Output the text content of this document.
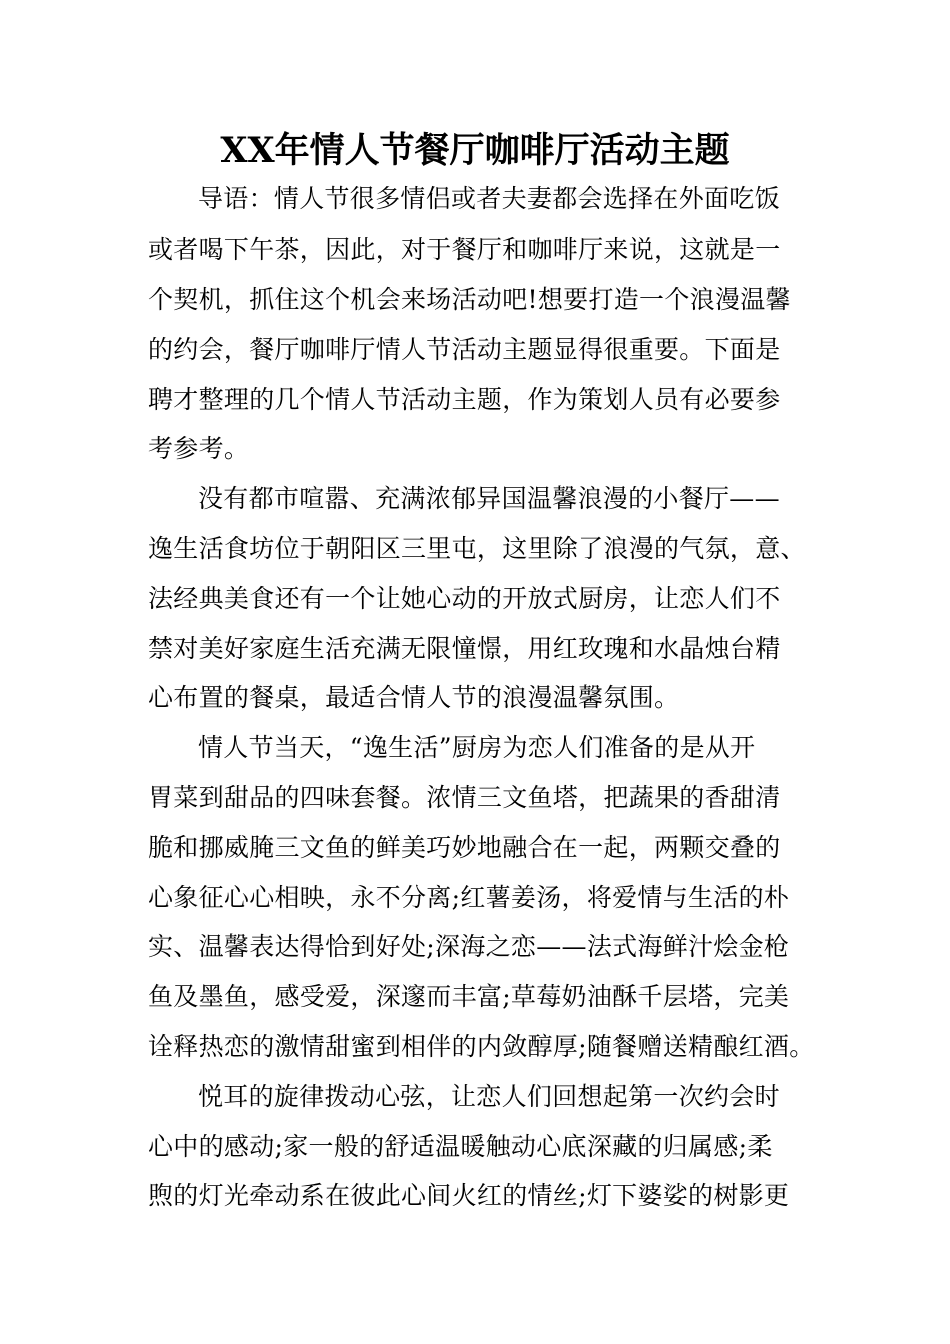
XX年情人节餐厅咖啡厅活动主题

导语：情人节很多情侣或者夫妻都会选择在外面吃饭

或者喝下午茶，因此，对于餐厅和咖啡厅来说，这就是一

个契机，抓住这个机会来场活动吧!想要打造一个浪漫温馨

的约会，餐厅咖啡厅情人节活动主题显得很重要。下面是

聘才整理的几个情人节活动主题，作为策划人员有必要参

考参考。

没有都市喧嚣、充满浓郁异国温馨浪漫的小餐厅——

逸生活食坊位于朝阳区三里屯，这里除了浪漫的气氛，意、

法经典美食还有一个让她心动的开放式厨房，让恋人们不

禁对美好家庭生活充满无限憧憬，用红玫瑰和水晶烛台精

心布置的餐桌，最适合情人节的浪漫温馨氛围。

情人节当天，“逸生活”厨房为恋人们准备的是从开

胃菜到甜品的四味套餐。浓情三文鱼塔，把蔬果的香甜清

脆和挪威腌三文鱼的鲜美巧妙地融合在一起，两颗交叠的

心象征心心相映，永不分离;红薯姜汤，将爱情与生活的朴

实、温馨表达得恰到好处;深海之恋——法式海鲜汁烩金枪

鱼及墨鱼，感受爱，深邃而丰富;草莓奶油酥千层塔，完美

诠释热恋的激情甜蜜到相伴的内敛醇厚;随餐赠送精酿红酒。

悦耳的旋律拨动心弦，让恋人们回想起第一次约会时

心中的感动;家一般的舒适温暖触动心底深藏的归属感;柔

煦的灯光牵动系在彼此心间火红的情丝;灯下婆娑的树影更
